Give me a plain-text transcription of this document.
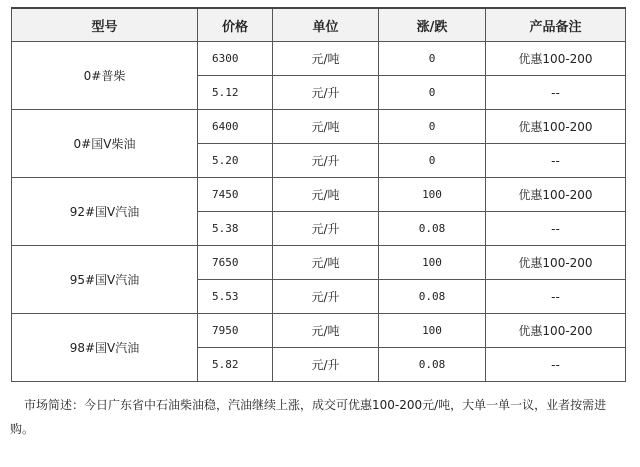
型号	价格	单位	涨/跌	产品备注
0#普柴	6300	元/吨	0	优惠100-200
	5.12	元/升	0	--
0#国V柴油	6400	元/吨	0	优惠100-200
	5.20	元/升	0	--
92#国V汽油	7450	元/吨	100	优惠100-200
	5.38	元/升	0.08	--
95#国V汽油	7650	元/吨	100	优惠100-200
	5.53	元/升	0.08	--
98#国V汽油	7950	元/吨	100	优惠100-200
	5.82	元/升	0.08	--

市场简述：今日广东省中石油柴油稳，汽油继续上涨，成交可优惠100-200元/吨，大单一单一议，业者按需进购。
